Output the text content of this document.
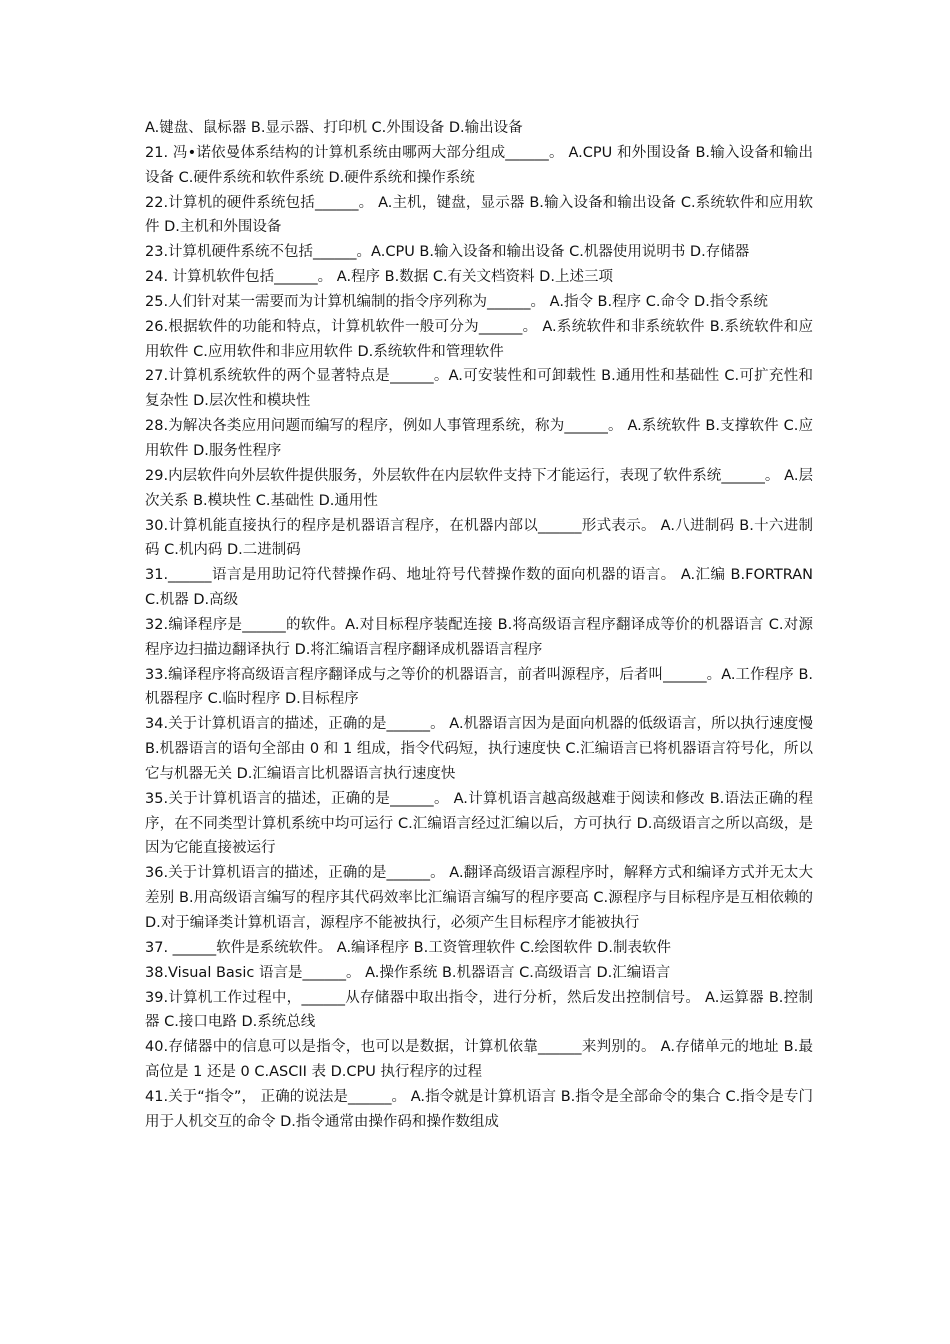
A.键盘、鼠标器 B.显示器、打印机 C.外围设备 D.输出设备

21. 冯•诺依曼体系结构的计算机系统由哪两大部分组成______。 A.CPU 和外围设备 B.输入设备和输出设备 C.硬件系统和软件系统 D.硬件系统和操作系统

22.计算机的硬件系统包括______。 A.主机，键盘，显示器 B.输入设备和输出设备 C.系统软件和应用软件 D.主机和外围设备

23.计算机硬件系统不包括______。A.CPU B.输入设备和输出设备 C.机器使用说明书 D.存储器

24. 计算机软件包括______。 A.程序 B.数据 C.有关文档资料 D.上述三项

25.人们针对某一需要而为计算机编制的指令序列称为______。 A.指令 B.程序 C.命令 D.指令系统

26.根据软件的功能和特点，计算机软件一般可分为______。 A.系统软件和非系统软件 B.系统软件和应用软件 C.应用软件和非应用软件 D.系统软件和管理软件

27.计算机系统软件的两个显著特点是______。A.可安装性和可卸载性 B.通用性和基础性 C.可扩充性和复杂性 D.层次性和模块性

28.为解决各类应用问题而编写的程序，例如人事管理系统，称为______。 A.系统软件 B.支撑软件 C.应用软件 D.服务性程序

29.内层软件向外层软件提供服务，外层软件在内层软件支持下才能运行，表现了软件系统______。 A.层次关系 B.模块性 C.基础性 D.通用性

30.计算机能直接执行的程序是机器语言程序，在机器内部以______形式表示。 A.八进制码 B.十六进制码 C.机内码 D.二进制码

31.______语言是用助记符代替操作码、地址符号代替操作数的面向机器的语言。 A.汇编 B.FORTRAN C.机器 D.高级

32.编译程序是______的软件。A.对目标程序装配连接 B.将高级语言程序翻译成等价的机器语言 C.对源程序边扫描边翻译执行 D.将汇编语言程序翻译成机器语言程序

33.编译程序将高级语言程序翻译成与之等价的机器语言，前者叫源程序，后者叫______。A.工作程序 B.机器程序 C.临时程序 D.目标程序

34.关于计算机语言的描述，正确的是______。 A.机器语言因为是面向机器的低级语言，所以执行速度慢 B.机器语言的语句全部由 0 和 1 组成，指令代码短，执行速度快 C.汇编语言已将机器语言符号化，所以它与机器无关 D.汇编语言比机器语言执行速度快

35.关于计算机语言的描述，正确的是______。 A.计算机语言越高级越难于阅读和修改 B.语法正确的程序，在不同类型计算机系统中均可运行 C.汇编语言经过汇编以后，方可执行 D.高级语言之所以高级，是因为它能直接被运行

36.关于计算机语言的描述，正确的是______。 A.翻译高级语言源程序时，解释方式和编译方式并无太大差别 B.用高级语言编写的程序其代码效率比汇编语言编写的程序要高 C.源程序与目标程序是互相依赖的 D.对于编译类计算机语言，源程序不能被执行，必须产生目标程序才能被执行

37. ______软件是系统软件。 A.编译程序 B.工资管理软件 C.绘图软件 D.制表软件

38.Visual Basic 语言是______。 A.操作系统 B.机器语言 C.高级语言 D.汇编语言

39.计算机工作过程中，______从存储器中取出指令，进行分析，然后发出控制信号。 A.运算器 B.控制器 C.接口电路 D.系统总线

40.存储器中的信息可以是指令，也可以是数据，计算机依靠______来判别的。 A.存储单元的地址 B.最高位是 1 还是 0 C.ASCII 表 D.CPU 执行程序的过程

41.关于“指令”， 正确的说法是______。 A.指令就是计算机语言 B.指令是全部命令的集合 C.指令是专门用于人机交互的命令 D.指令通常由操作码和操作数组成
